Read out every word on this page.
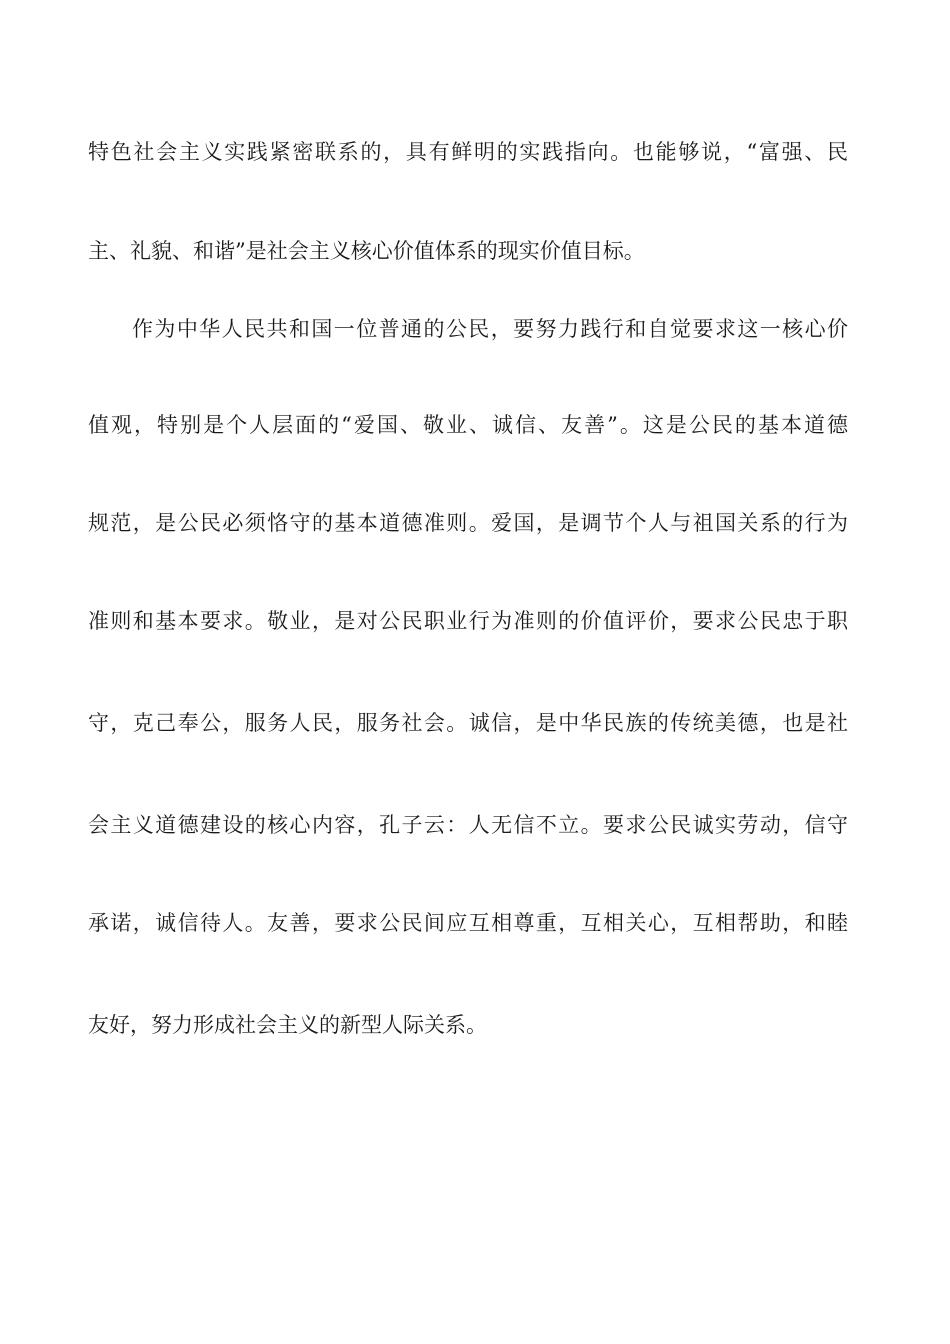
特色社会主义实践紧密联系的，具有鲜明的实践指向。也能够说，“富强、民
主、礼貌、和谐”是社会主义核心价值体系的现实价值目标。
作为中华人民共和国一位普通的公民，要努力践行和自觉要求这一核心价
值观，特别是个人层面的“爱国、敬业、诚信、友善”。这是公民的基本道德
规范，是公民必须恪守的基本道德准则。爱国，是调节个人与祖国关系的行为
准则和基本要求。敬业，是对公民职业行为准则的价值评价，要求公民忠于职
守，克己奉公，服务人民，服务社会。诚信，是中华民族的传统美德，也是社
会主义道德建设的核心内容，孔子云：人无信不立。要求公民诚实劳动，信守
承诺，诚信待人。友善，要求公民间应互相尊重，互相关心，互相帮助，和睦
友好，努力形成社会主义的新型人际关系。
